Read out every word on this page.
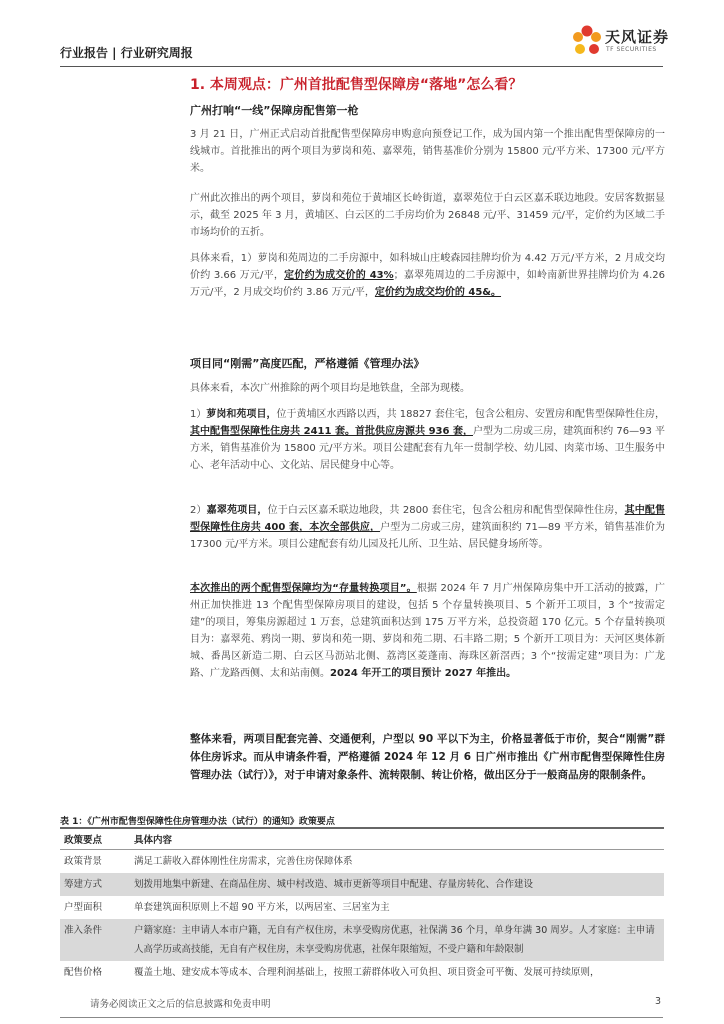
行业报告 | 行业研究周报
天风证券
TF SECURITIES
1. 本周观点：广州首批配售型保障房“落地”怎么看？
广州打响“一线”保障房配售第一枪

3 月 21 日，广州正式启动首批配售型保障房申购意向预登记工作，成为国内第一个推出配售型保障房的一线城市。首批推出的两个项目为萝岗和苑、嘉翠苑，销售基准价分别为 15800 元/平方米、17300 元/平方米。

广州此次推出的两个项目，萝岗和苑位于黄埔区长岭街道，嘉翠苑位于白云区嘉禾联边地段。安居客数据显示，截至 2025 年 3 月，黄埔区、白云区的二手房均价为 26848 元/平、31459 元/平，定价约为区域二手市场均价的五折。

具体来看，1）萝岗和苑周边的二手房源中，如科城山庄峻森园挂牌均价为 4.42 万元/平方米，2 月成交均价约 3.66 万元/平，定价约为成交价的 43%；嘉翠苑周边的二手房源中，如岭南新世界挂牌均价为 4.26 万元/平，2 月成交均价约 3.86 万元/平，定价约为成交均价的 45&。

项目同“刚需”高度匹配，严格遵循《管理办法》

具体来看，本次广州推除的两个项目均是地铁盘，全部为现楼。

1）萝岗和苑项目，位于黄埔区水西路以西，共 18827 套住宅，包含公租房、安置房和配售型保障性住房，其中配售型保障性住房共 2411 套。首批供应房源共 936 套，户型为二房或三房，建筑面积约 76—93 平方米，销售基准价为 15800 元/平方米。项目公建配套有九年一贯制学校、幼儿园、肉菜市场、卫生服务中心、老年活动中心、文化站、居民健身中心等。

2）嘉翠苑项目，位于白云区嘉禾联边地段，共 2800 套住宅，包含公租房和配售型保障性住房，其中配售型保障性住房共 400 套，本次全部供应，户型为二房或三房，建筑面积约 71—89 平方米，销售基准价为 17300 元/平方米。项目公建配套有幼儿园及托儿所、卫生站、居民健身场所等。

本次推出的两个配售型保障均为“存量转换项目”。根据 2024 年 7 月广州保障房集中开工活动的披露，广州正加快推进 13 个配售型保障房项目的建设，包括 5 个存量转换项目、5 个新开工项目，3 个“按需定建”的项目，筹集房源超过 1 万套，总建筑面积达到 175 万平方米，总投资超 170 亿元。5 个存量转换项目为：嘉翠苑、鸦岗一期、萝岗和苑一期、萝岗和苑二期、石丰路二期；5 个新开工项目为：天河区奥体新城、番禺区新造二期、白云区马沥站北侧、荔湾区菱蓬南、海珠区新滘西；3 个“按需定建”项目为：广龙路、广龙路西侧、太和站南侧。2024 年开工的项目预计 2027 年推出。

整体来看，两项目配套完善、交通便利，户型以 90 平以下为主，价格显著低于市价，契合“刚需”群体住房诉求。而从申请条件看，严格遵循 2024 年 12 月 6 日广州市推出《广州市配售型保障性住房管理办法（试行）》，对于申请对象条件、流转限制、转让价格，做出区分于一般商品房的限制条件。

表 1：《广州市配售型保障性住房管理办法（试行）的通知》政策要点
政策要点	具体内容
政策背景	满足工薪收入群体刚性住房需求，完善住房保障体系
筹建方式	划拨用地集中新建、在商品住房、城中村改造、城市更新等项目中配建、存量房转化、合作建设
户型面积	单套建筑面积原则上不超 90 平方米，以两居室、三居室为主
准入条件	户籍家庭：主申请人本市户籍，无自有产权住房，未享受购房优惠，社保满 36 个月，单身年满 30 周岁。人才家庭：主申请人高学历或高技能，无自有产权住房，未享受购房优惠，社保年限缩短，不受户籍和年龄限制
配售价格	覆盖土地、建安成本等成本、合理利润基础上，按照工薪群体收入可负担、项目资金可平衡、发展可持续原则，
请务必阅读正文之后的信息披露和免责申明	3
